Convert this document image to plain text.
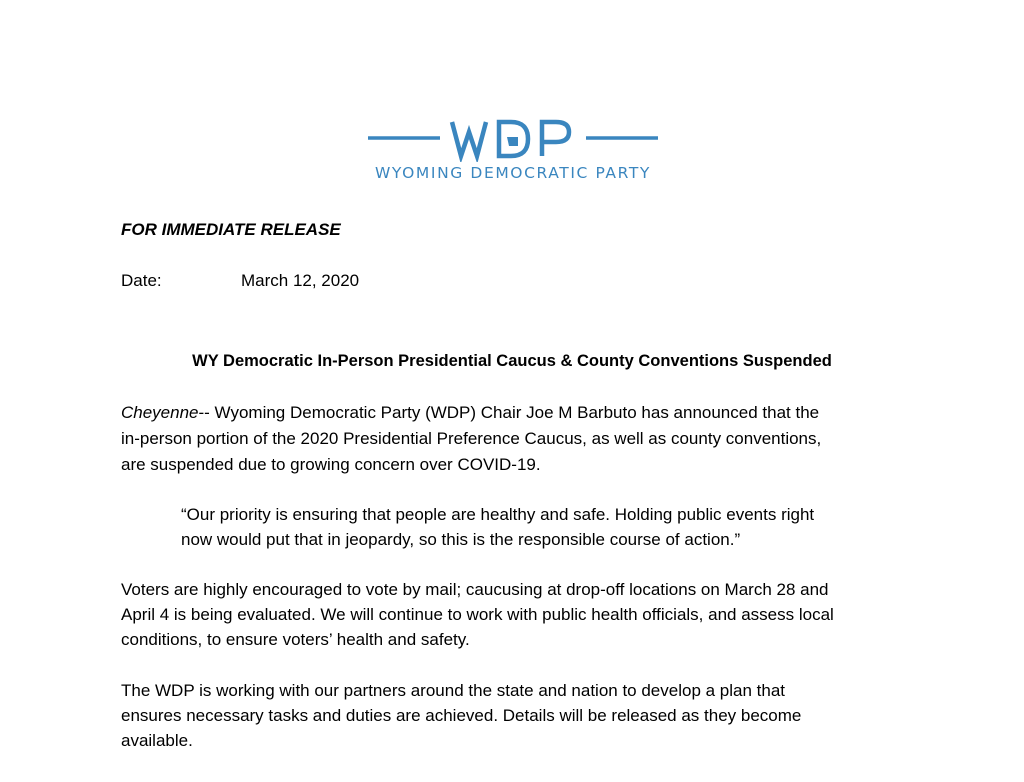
WYOMING DEMOCRATIC PARTY
FOR IMMEDIATE RELEASE
Date:	March 12, 2020
WY Democratic In-Person Presidential Caucus & County Conventions Suspended
Cheyenne-- Wyoming Democratic Party (WDP) Chair Joe M Barbuto has announced that the
in-person portion of the 2020 Presidential Preference Caucus, as well as county conventions,
are suspended due to growing concern over COVID-19.
“Our priority is ensuring that people are healthy and safe. Holding public events right
now would put that in jeopardy, so this is the responsible course of action.”
Voters are highly encouraged to vote by mail; caucusing at drop-off locations on March 28 and
April 4 is being evaluated. We will continue to work with public health officials, and assess local
conditions, to ensure voters’ health and safety.
The WDP is working with our partners around the state and nation to develop a plan that
ensures necessary tasks and duties are achieved. Details will be released as they become
available.
